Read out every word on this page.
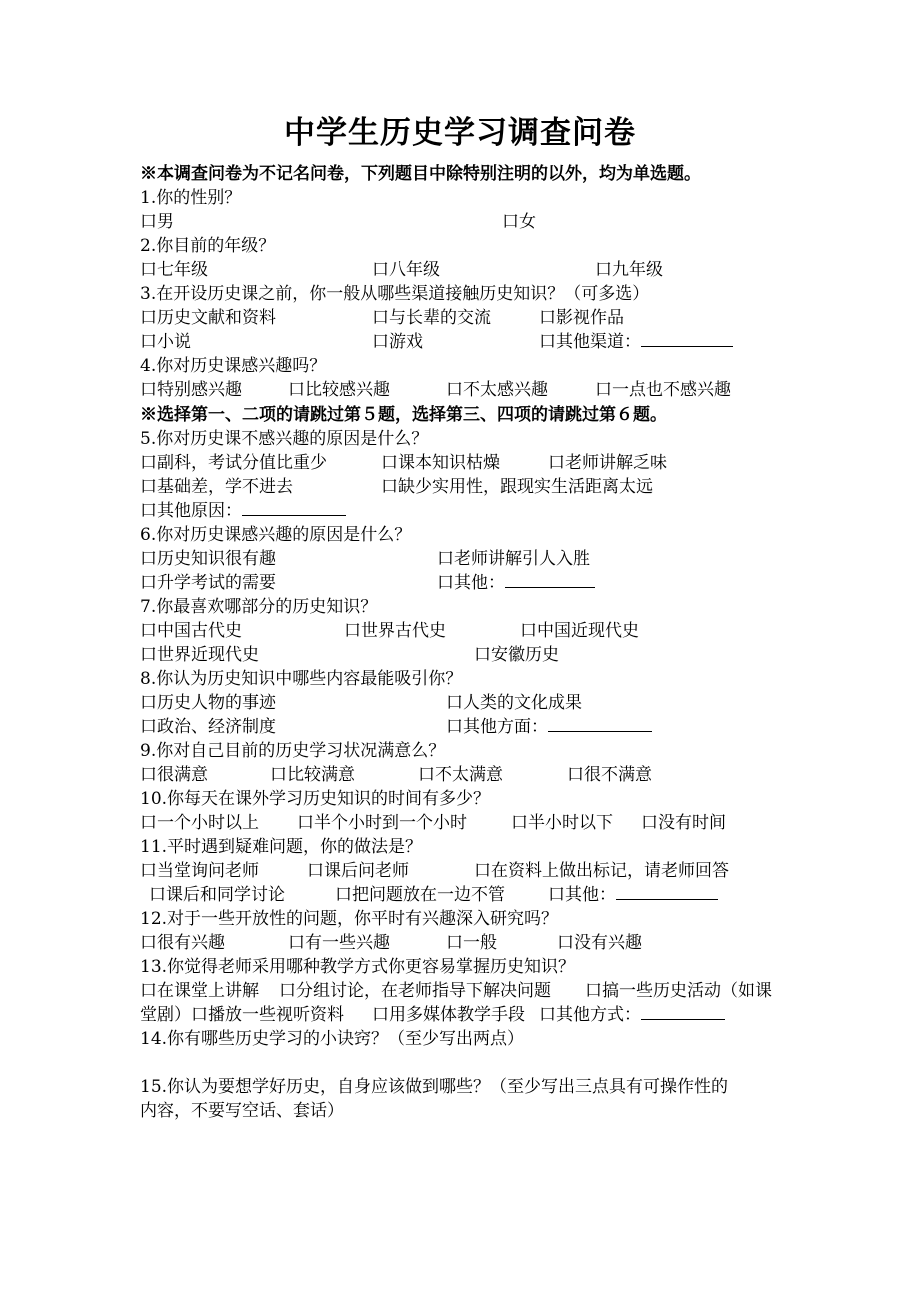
中学生历史学习调查问卷
※本调查问卷为不记名问卷，下列题目中除特别注明的以外，均为单选题。
1.你的性别？
口男	口女
2.你目前的年级？
口七年级	口八年级	口九年级
3.在开设历史课之前，你一般从哪些渠道接触历史知识？（可多选）
口历史文献和资料	口与长辈的交流	口影视作品
口小说	口游戏	口其他渠道：
4.你对历史课感兴趣吗？
口特别感兴趣	口比较感兴趣	口不太感兴趣	口一点也不感兴趣
※选择第一、二项的请跳过第５题，选择第三、四项的请跳过第６题。
5.你对历史课不感兴趣的原因是什么？
口副科，考试分值比重少	口课本知识枯燥	口老师讲解乏味
口基础差，学不进去	口缺少实用性，跟现实生活距离太远
口其他原因：
6.你对历史课感兴趣的原因是什么？
口历史知识很有趣	口老师讲解引人入胜
口升学考试的需要	口其他：
7.你最喜欢哪部分的历史知识？
口中国古代史	口世界古代史	口中国近现代史
口世界近现代史	口安徽历史
8.你认为历史知识中哪些内容最能吸引你？
口历史人物的事迹	口人类的文化成果
口政治、经济制度	口其他方面：
9.你对自己目前的历史学习状况满意么？
口很满意	口比较满意	口不太满意	口很不满意
10.你每天在课外学习历史知识的时间有多少？
口一个小时以上 口半个小时到一个小时	口半小时以下 口没有时间
11.平时遇到疑难问题，你的做法是？
口当堂询问老师	口课后问老师	口在资料上做出标记，请老师回答
口课后和同学讨论	口把问题放在一边不管	口其他：
12.对于一些开放性的问题，你平时有兴趣深入研究吗？
口很有兴趣	口有一些兴趣	口一般	口没有兴趣
13.你觉得老师采用哪种教学方式你更容易掌握历史知识？
口在课堂上讲解 口分组讨论，在老师指导下解决问题 口搞一些历史活动（如课
堂剧）口播放一些视听资料 口用多媒体教学手段 口其他方式：
14.你有哪些历史学习的小诀窍？（至少写出两点）
15.你认为要想学好历史，自身应该做到哪些？（至少写出三点具有可操作性的
内容，不要写空话、套话）
